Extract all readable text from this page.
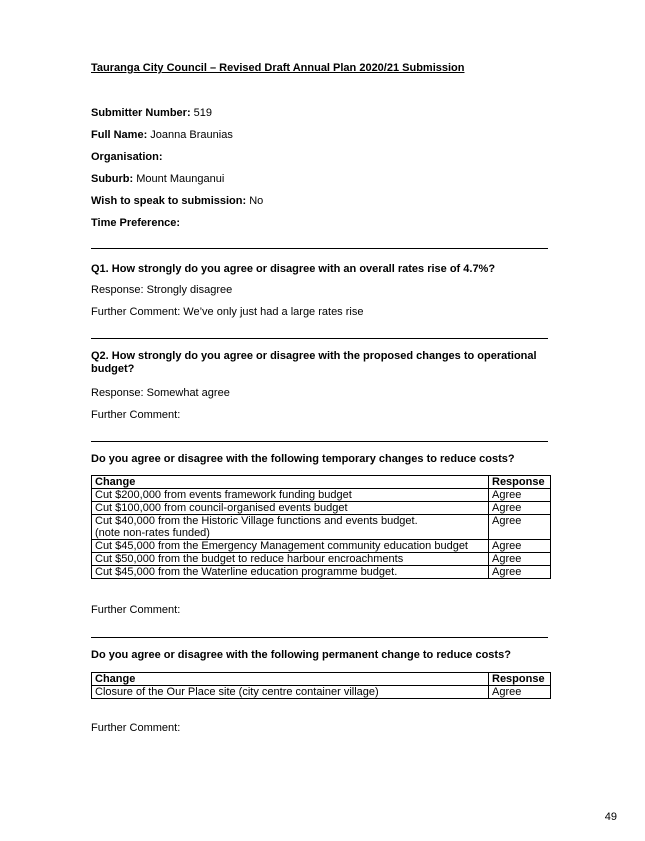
Tauranga City Council – Revised Draft Annual Plan 2020/21 Submission
Submitter Number: 519
Full Name: Joanna Braunias
Organisation:
Suburb: Mount Maunganui
Wish to speak to submission: No
Time Preference:
Q1. How strongly do you agree or disagree with an overall rates rise of 4.7%?
Response: Strongly disagree
Further Comment: We’ve only just had a large rates rise
Q2. How strongly do you agree or disagree with the proposed changes to operational budget?
Response: Somewhat agree
Further Comment:
Do you agree or disagree with the following temporary changes to reduce costs?
Change	Response
Cut $200,000 from events framework funding budget	Agree
Cut $100,000 from council-organised events budget	Agree
Cut $40,000 from the Historic Village functions and events budget.
(note non-rates funded)	Agree
Cut $45,000 from the Emergency Management community education budget	Agree
Cut $50,000 from the budget to reduce harbour encroachments	Agree
Cut $45,000 from the Waterline education programme budget.	Agree
Further Comment:
Do you agree or disagree with the following permanent change to reduce costs?
Change	Response
Closure of the Our Place site (city centre container village)	Agree
Further Comment:
49
